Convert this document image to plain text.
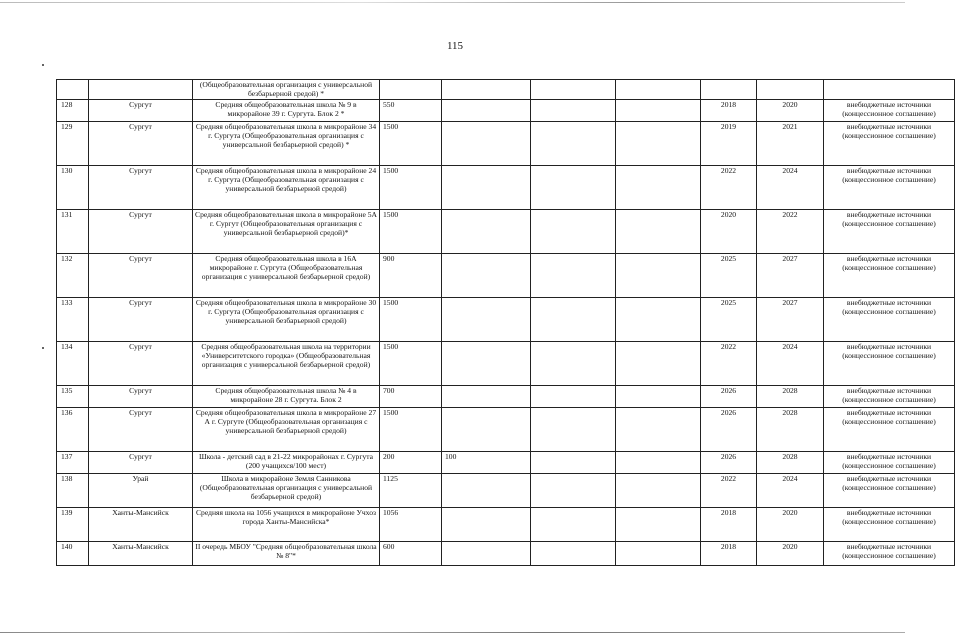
115
		(Общеобразовательная организация с универсальной безбарьерной средой) *							
128	Сургут	Средняя общеобразовательная школа № 9 в микрорайоне 39 г. Сургута. Блок 2 *	550				2018	2020	внебюджетные источники (концессионное соглашение)
129	Сургут	Средняя общеобразовательная школа в микрорайоне 34 г. Сургута (Общеобразовательная организация с универсальной безбарьерной средой) *	1500				2019	2021	внебюджетные источники (концессионное соглашение)
130	Сургут	Средняя общеобразовательная школа в микрорайоне 24 г. Сургута (Общеобразовательная организация с универсальной безбарьерной средой)	1500				2022	2024	внебюджетные источники (концессионное соглашение)
131	Сургут	Средняя общеобразовательная школа в микрорайоне 5А г. Сургут (Общеобразовательная организация с универсальной безбарьерной средой)*	1500				2020	2022	внебюджетные источники (концессионное соглашение)
132	Сургут	Средняя общеобразовательная школа в 16А микрорайоне г. Сургута (Общеобразовательная организация с универсальной безбарьерной средой)	900				2025	2027	внебюджетные источники (концессионное соглашение)
133	Сургут	Средняя общеобразовательная школа в микрорайоне 30 г. Сургута (Общеобразовательная организация с универсальной безбарьерной средой)	1500				2025	2027	внебюджетные источники (концессионное соглашение)
134	Сургут	Средняя общеобразовательная школа на территории «Университетского городка» (Общеобразовательная организация с универсальной безбарьерной средой)	1500				2022	2024	внебюджетные источники (концессионное соглашение)
135	Сургут	Средняя общеобразовательная школа № 4 в микрорайоне 28 г. Сургута. Блок 2	700				2026	2028	внебюджетные источники (концессионное соглашение)
136	Сургут	Средняя общеобразовательная школа в микрорайоне 27 А г. Сургуте (Общеобразовательная организация с универсальной безбарьерной средой)	1500				2026	2028	внебюджетные источники (концессионное соглашение)
137	Сургут	Школа - детский сад в 21-22 микрорайонах г. Сургута (200 учащихся/100 мест)	200	100			2026	2028	внебюджетные источники (концессионное соглашение)
138	Урай	Школа в микрорайоне Земля Санникова (Общеобразовательная организация с универсальной безбарьерной средой)	1125				2022	2024	внебюджетные источники (концессионное соглашение)
139	Ханты-Мансийск	Средняя школа на 1056 учащихся в микрорайоне Учхоз города Ханты-Мансийска*	1056				2018	2020	внебюджетные источники (концессионное соглашение)
140	Ханты-Мансийск	II очередь МБОУ "Средняя общеобразовательная школа № 8"*	600				2018	2020	внебюджетные источники (концессионное соглашение)
